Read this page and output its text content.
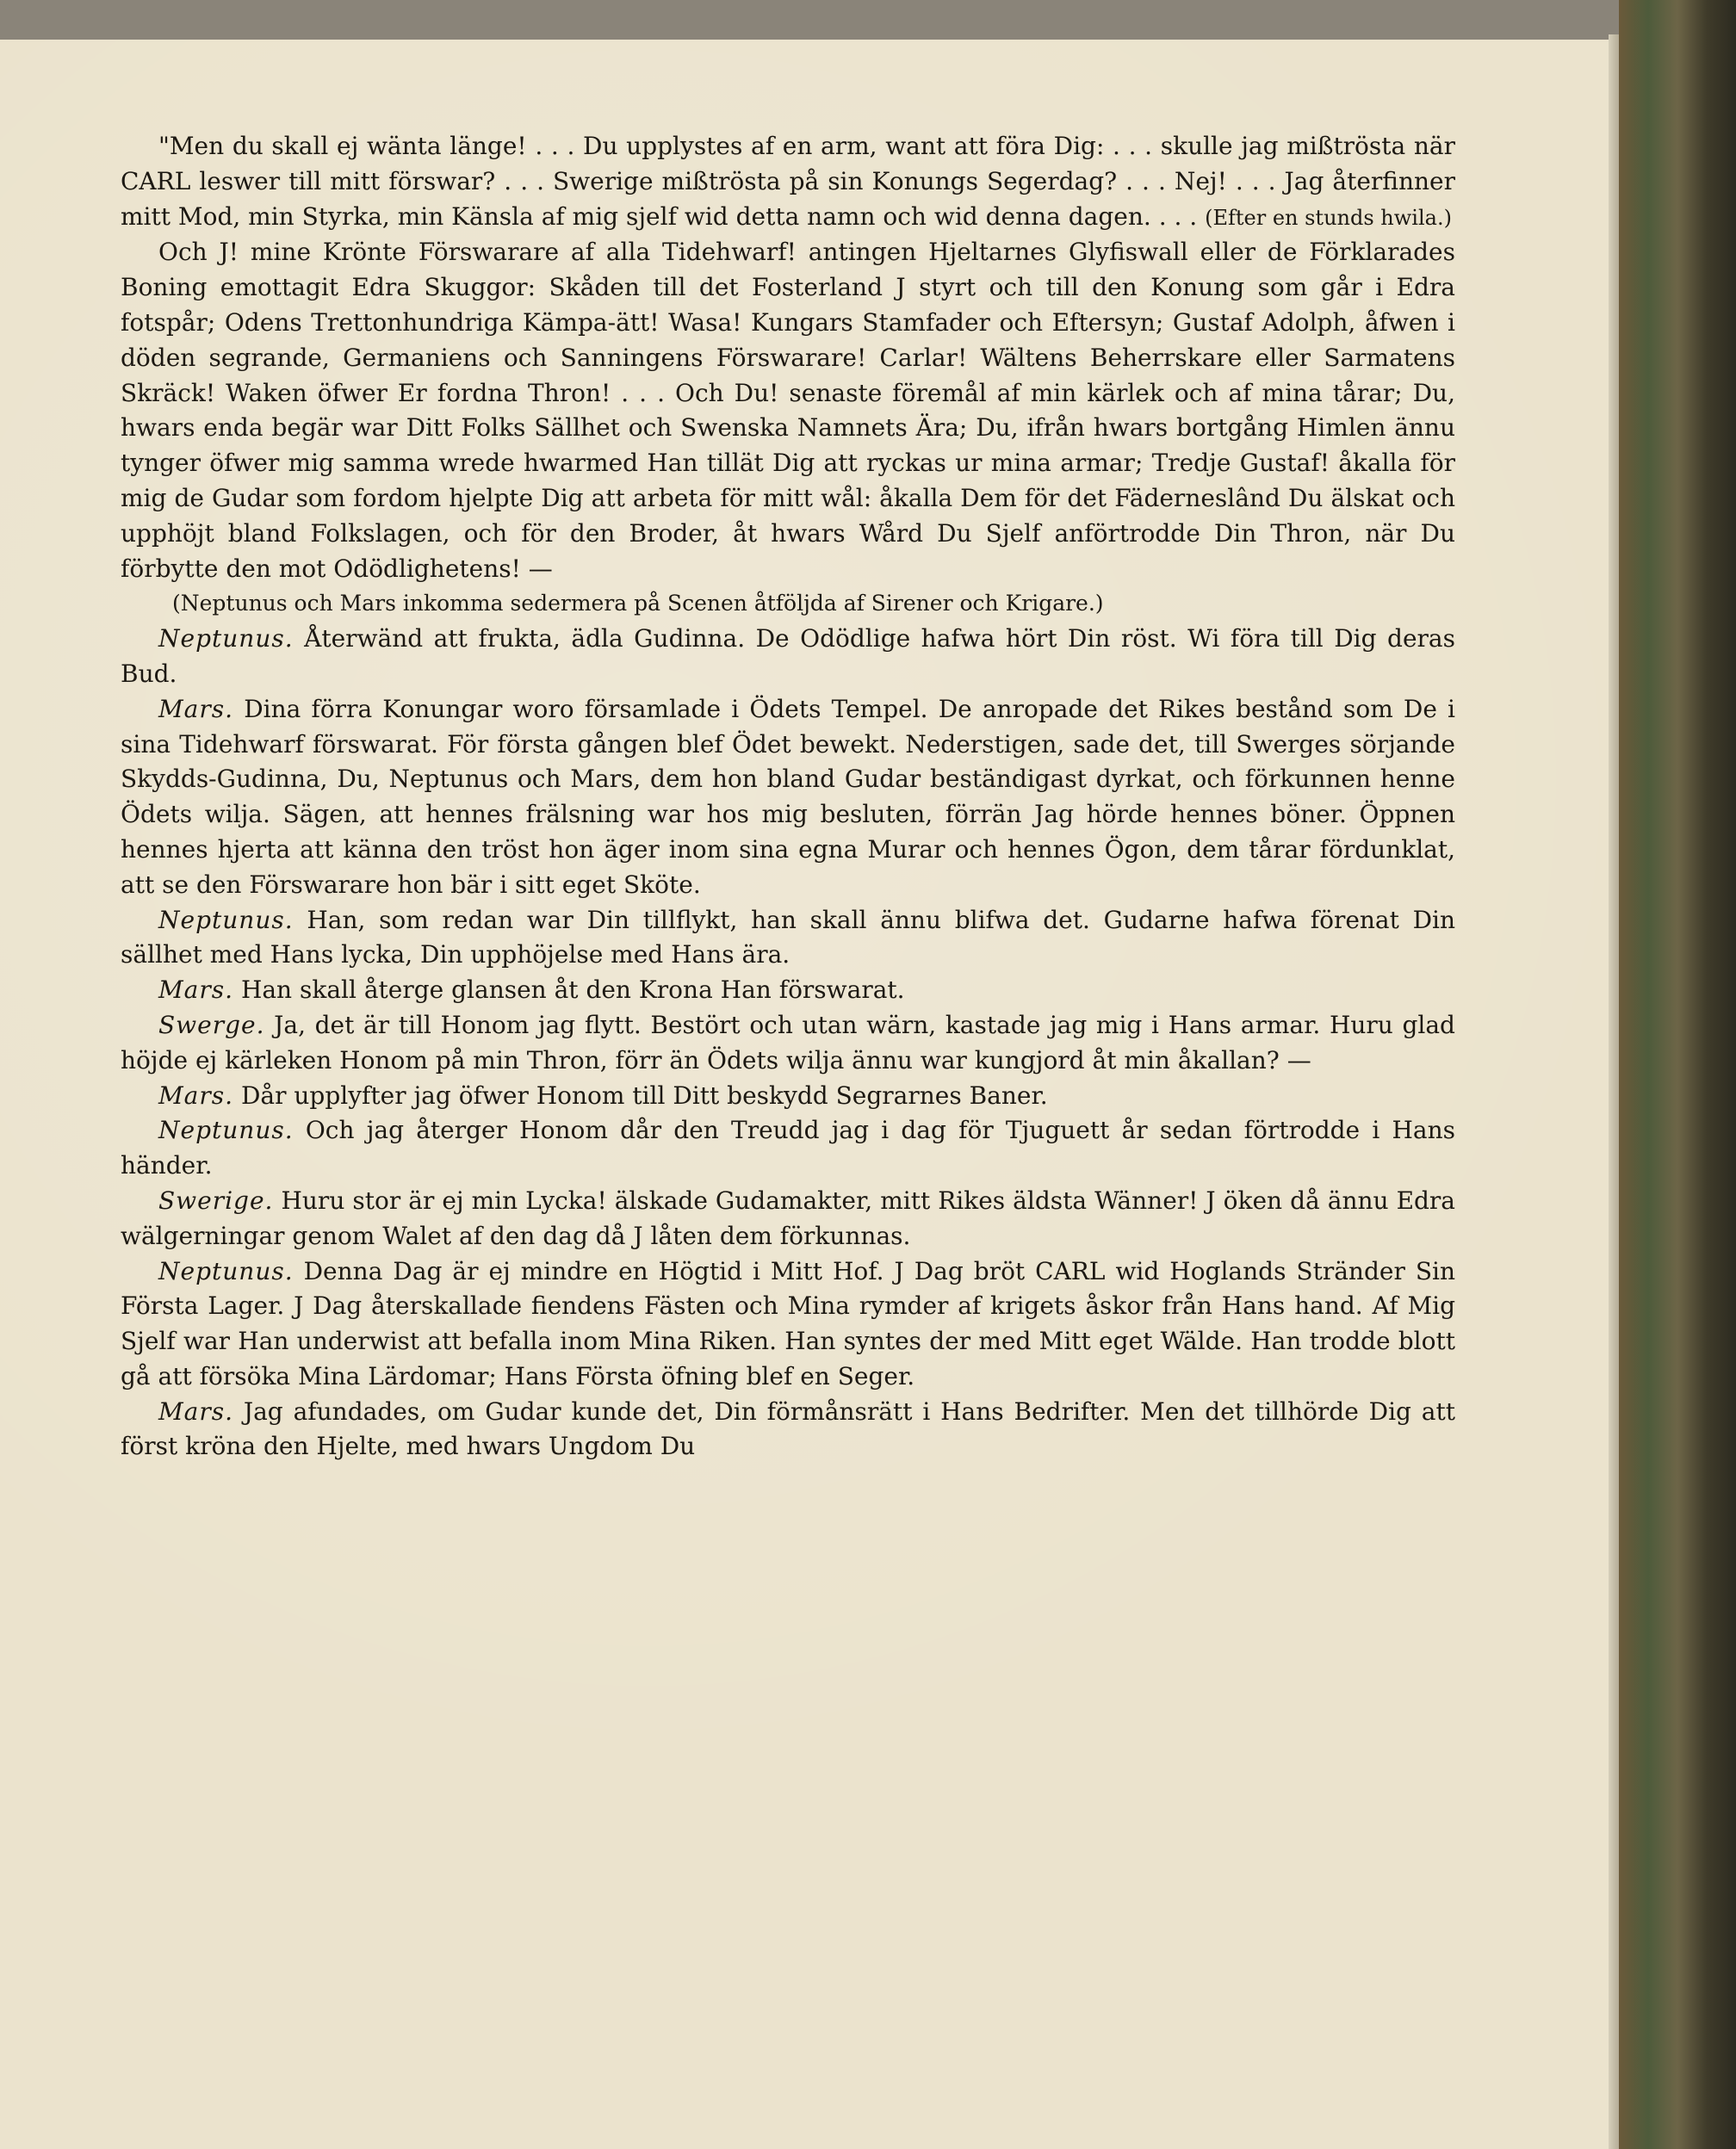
"Men du skall ej wänta länge! . . . Du upplystes af en arm, want att föra Dig: . . . skulle jag mißtrösta när CARL leswer till mitt förswar? . . . Swerige mißtrösta på sin Konungs Segerdag? . . . Nej! . . . Jag återfinner mitt Mod, min Styrka, min Känsla af mig sjelf wid detta namn och wid denna dagen. . . . (Efter en stunds hwila.)

Och J! mine Krönte Förswarare af alla Tidehwarf! antingen Hjeltarnes Glyfiswall eller de Förklarades Boning emottagit Edra Skuggor: Skåden till det Fosterland J styrt och till den Konung som går i Edra fotspår; Odens Trettonhundriga Kämpa-ätt! Wasa! Kungars Stamfader och Eftersyn; Gustaf Adolph, åfwen i döden segrande, Germaniens och Sanningens Förswarare! Carlar! Wältens Beherrskare eller Sarmatens Skräck! Waken öfwer Er fordna Thron! . . . Och Du! senaste föremål af min kärlek och af mina tårar; Du, hwars enda begär war Ditt Folks Sällhet och Swenska Namnets Ära; Du, ifrån hwars bortgång Himlen ännu tynger öfwer mig samma wrede hwarmed Han tillät Dig att ryckas ur mina armar; Tredje Gustaf! åkalla för mig de Gudar som fordom hjelpte Dig att arbeta för mitt wål: åkalla Dem för det Fäderneslând Du älskat och upphöjt bland Folkslagen, och för den Broder, åt hwars Wård Du Sjelf anförtrodde Din Thron, när Du förbytte den mot Odödlighetens! —

(Neptunus och Mars inkomma sedermera på Scenen åtföljda af Sirener och Krigare.)

Neptunus. Återwänd att frukta, ädla Gudinna. De Odödlige hafwa hört Din röst. Wi föra till Dig deras Bud.

Mars. Dina förra Konungar woro församlade i Ödets Tempel. De anropade det Rikes bestånd som De i sina Tidehwarf förswarat. För första gången blef Ödet bewekt. Nederstigen, sade det, till Swerges sörjande Skydds-Gudinna, Du, Neptunus och Mars, dem hon bland Gudar beständigast dyrkat, och förkunnen henne Ödets wilja. Sägen, att hennes frälsning war hos mig besluten, förrän Jag hörde hennes böner. Öppnen hennes hjerta att känna den tröst hon äger inom sina egna Murar och hennes Ögon, dem tårar fördunklat, att se den Förswarare hon bär i sitt eget Sköte.

Neptunus. Han, som redan war Din tillflykt, han skall ännu blifwa det. Gudarne hafwa förenat Din sällhet med Hans lycka, Din upphöjelse med Hans ära.

Mars. Han skall återge glansen åt den Krona Han förswarat.

Swerge. Ja, det är till Honom jag flytt. Bestört och utan wärn, kastade jag mig i Hans armar. Huru glad höjde ej kärleken Honom på min Thron, förr än Ödets wilja ännu war kungjord åt min åkallan? —

Mars. Dår upplyfter jag öfwer Honom till Ditt beskydd Segrarnes Baner.

Neptunus. Och jag återger Honom dår den Treudd jag i dag för Tjuguett år sedan förtrodde i Hans händer.

Swerige. Huru stor är ej min Lycka! älskade Gudamakter, mitt Rikes äldsta Wänner! J öken då ännu Edra wälgerningar genom Walet af den dag då J låten dem förkunnas.

Neptunus. Denna Dag är ej mindre en Högtid i Mitt Hof. J Dag bröt CARL wid Hoglands Stränder Sin Första Lager. J Dag återskallade fiendens Fästen och Mina rymder af krigets åskor från Hans hand. Af Mig Sjelf war Han underwist att befalla inom Mina Riken. Han syntes der med Mitt eget Wälde. Han trodde blott gå att försöka Mina Lärdomar; Hans Första öfning blef en Seger.

Mars. Jag afundades, om Gudar kunde det, Din förmånsrätt i Hans Bedrifter. Men det tillhörde Dig att först kröna den Hjelte, med hwars Ungdom Du
